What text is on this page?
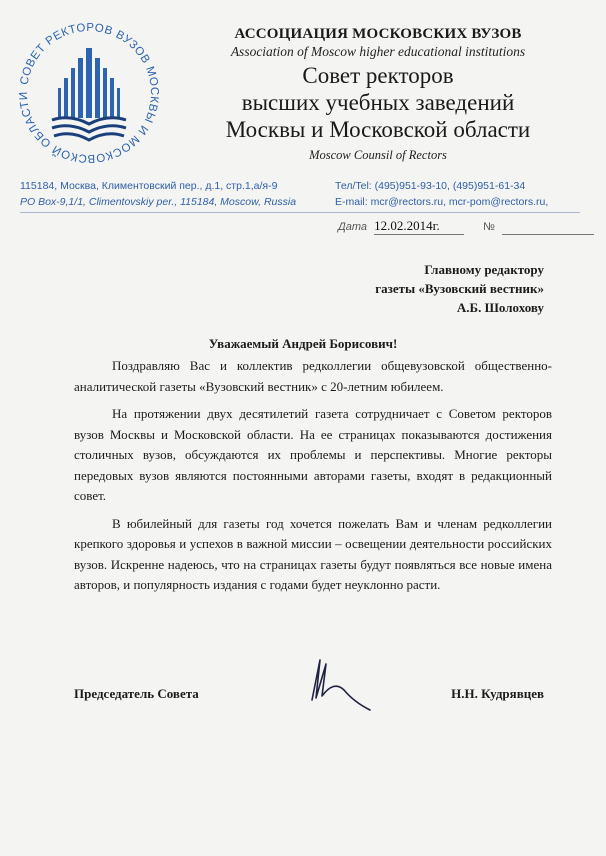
СОВЕТ РЕКТОРОВ ВУЗОВ МОСКВЫ И МОСКОВСКОЙ ОБЛАСТИ
АССОЦИАЦИЯ МОСКОВСКИХ ВУЗОВ
Association of Moscow higher educational institutions
Совет ректоров
высших учебных заведений
Москвы и Московской области
Moscow Counsil of Rectors
115184, Москва, Климентовский пер., д.1, стр.1,а/я-9
PO Box-9,1/1, Climentovskiy per., 115184, Moscow, Russia
Тел/Tel: (495)951-93-10, (495)951-61-34
E-mail: mcr@rectors.ru, mcr-pom@rectors.ru,
Дата 12.02.2014г.	№
Главному редактору
газеты «Вузовский вестник»
А.Б. Шолохову
Уважаемый Андрей Борисович!

Поздравляю Вас и коллектив редколлегии общевузовской общественно-аналитической газеты «Вузовский вестник» с 20-летним юбилеем.

На протяжении двух десятилетий газета сотрудничает с Советом ректоров вузов Москвы и Московской области. На ее страницах показываются достижения столичных вузов, обсуждаются их проблемы и перспективы. Многие ректоры передовых вузов являются постоянными авторами газеты, входят в редакционный совет.

В юбилейный для газеты год хочется пожелать Вам и членам редколлегии крепкого здоровья и успехов в важной миссии – освещении деятельности российских вузов. Искренне надеюсь, что на страницах газеты будут появляться все новые имена авторов, и популярность издания с годами будет неуклонно расти.

Председатель Совета	Н.Н. Кудрявцев
